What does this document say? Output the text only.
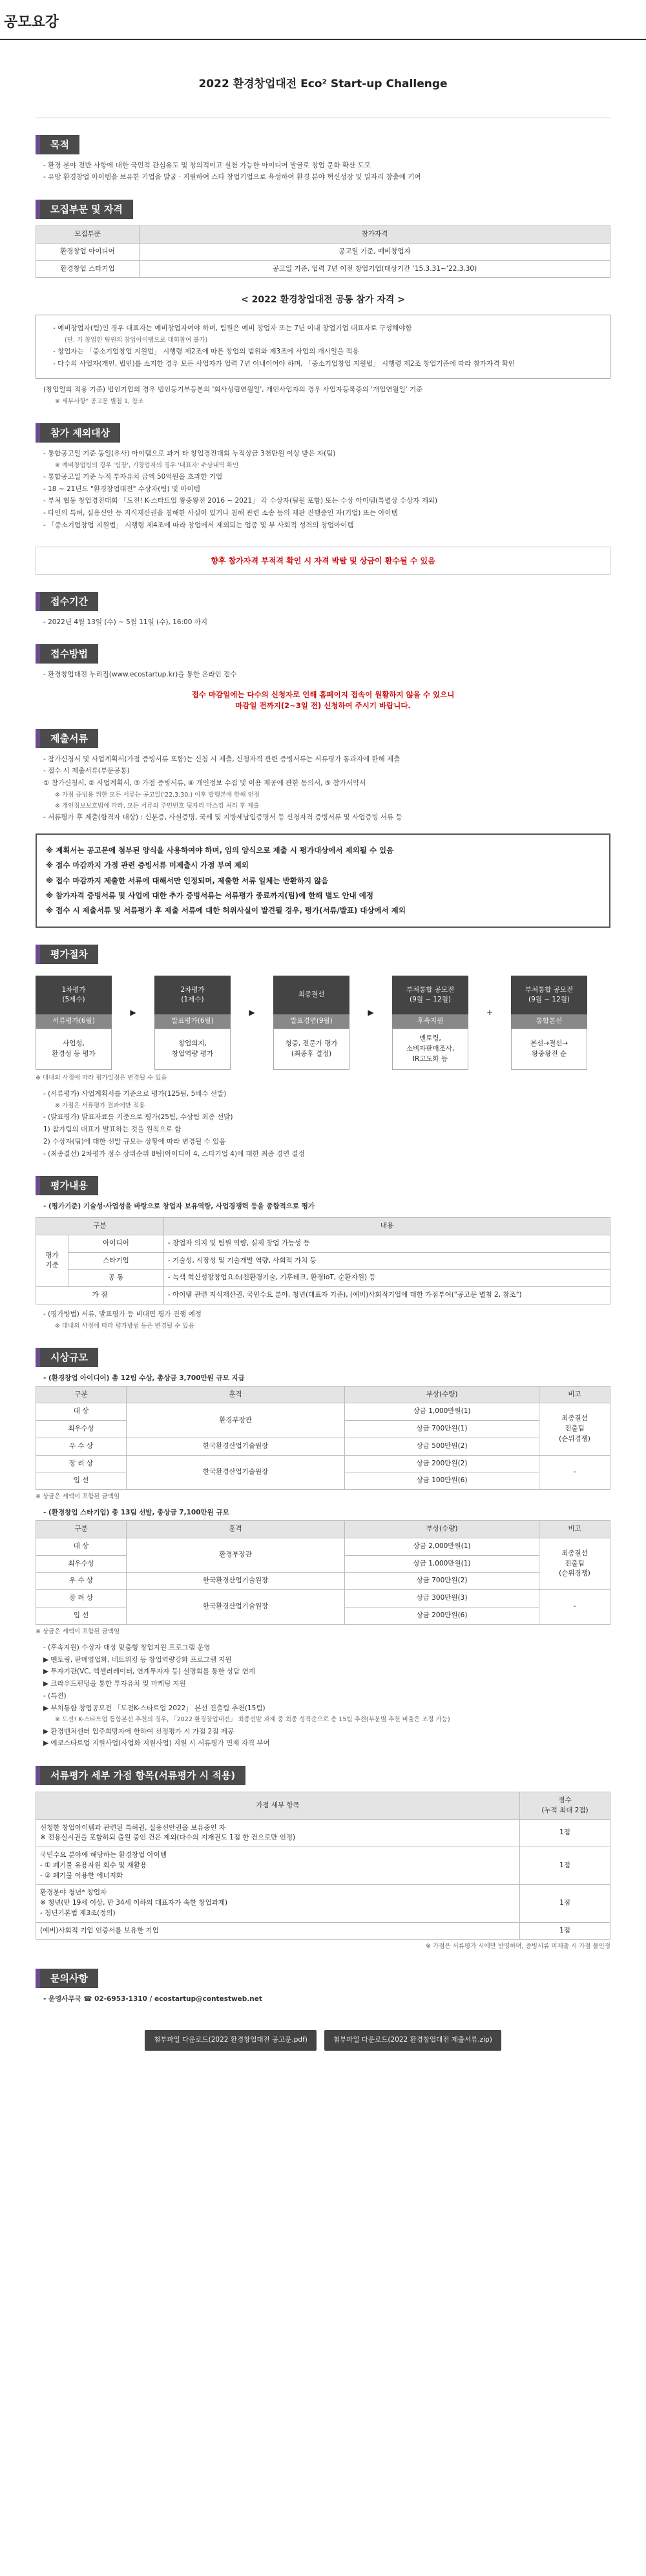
공모요강
2022 환경창업대전 Eco² Start-up Challenge
목적
- 환경 분야 전반 사항에 대한 국민적 관심유도 및 창의적이고 실천 가능한 아이디어 발굴로 창업 문화 확산 도모
- 유망 환경창업 아이템을 보유한 기업을 발굴 · 지원하여 스타 창업기업으로 육성하여 환경 분야 혁신성장 및 일자리 창출에 기여
모집부문 및 자격
모집부문	참가자격
환경창업 아이디어	공고일 기준, 예비창업자
환경창업 스타기업	공고일 기준, 업력 7년 이전 창업기업(대상기간 ’15.3.31~’22.3.30)
< 2022 환경창업대전 공통 참가 자격 >
- 예비창업자(팀)인 경우 대표자는 예비창업자여야 하며, 팀원은 예비 창업자 또는 7년 이내 창업기업 대표자로 구성해야함
(단, 기 창업한 팀원의 창업아이템으로 대회참여 불가)
- 창업자는 「중소기업창업 지원법」 시행령 제2조에 따른 창업의 범위와 제3조에 사업의 개시일을 적용
- 다수의 사업자(개인, 법인)를 소지한 경우 모든 사업자가 업력 7년 이내이어야 하며, 「중소기업창업 지원법」 시행령 제2조 창업기준에 따라 참가자격 확인
(창업일의 적용 기준) 법인기업의 경우 법인등기부등본의 '회사성립연월일', 개인사업자의 경우 사업자등록증의 '개업연월일' 기준
※ 세부사항" 공고문 별첨 1, 참조
참가 제외대상
- 통합공고일 기준 동일(유사) 아이템으로 과거 타 창업경진대회 누적상금 3천만원 이상 받은 자(팀)
※ 예비창업팀의 경우 '팀장', 기창업자의 경우 '대표자' 수상내역 확인
- 통합공고일 기준 누적 투자유치 금액 50억원을 초과한 기업
- 18 ~ 21년도 "환경창업대전" 수상자(팀) 및 아이템
- 부처 협동 창업경진대회 「도전! K-스타트업 왕중왕전 2016 ~ 2021」 각 수상자(팀원 포함) 또는 수상 아이템(특별상 수상자 제외)
- 타인의 특허, 실용신안 등 지식재산권을 침해한 사실이 있거나 침해 관련 소송 등의 재판 진행중인 자(기업) 또는 아이템
- 「중소기업창업 지원법」 시행령 제4조에 따라 창업에서 제외되는 업종 및 부 사회적 성격의 창업아이템
향후 참가자격 부적격 확인 시 자격 박탈 및 상금이 환수될 수 있음
접수기간
- 2022년 4월 13일 (수) ~ 5월 11일 (수), 16:00 까지
접수방법
- 환경창업대전 누리집(www.ecostartup.kr)을 통한 온라인 접수
접수 마감일에는 다수의 신청자로 인해 홈페이지 접속이 원활하지 않을 수 있으니
마감일 전까지(2~3일 전) 신청하여 주시기 바랍니다.
제출서류
- 참가신청서 및 사업계획서(가점 증빙서류 포함)는 신청 시 제출, 신청자격 관련 증빙서류는 서류평가 통과자에 한해 제출
- 접수 시 제출서류(부문공통)
① 참가신청서, ② 사업계획서, ③ 가점 증빙서류, ④ 개인정보 수집 및 이용 제공에 관한 동의서, ⑤ 참가서약서
※ 가점 증빙용 위한 모든 서류는 공고일('22.3.30.) 이후 발행본에 한해 인정
※ 개인정보보호법에 따라, 모든 서류의 주민번호 뒷자리 마스킹 처리 후 제출
- 서류평가 후 제출(합격자 대상) : 신분증, 사실증명, 국세 및 지방세납입증명서 등 신청자격 증빙서류 및 사업증빙 서류 등
※ 계획서는 공고문에 첨부된 양식을 사용하여야 하며, 임의 양식으로 제출 시 평가대상에서 제외될 수 있음
※ 접수 마감까지 가점 관련 증빙서류 미제출시 가점 부여 제외
※ 접수 마감까지 제출한 서류에 대해서만 인정되며, 제출한 서류 일체는 반환하지 않음
※ 참가자격 증빙서류 및 사업에 대한 추가 증빙서류는 서류평가 종료까지(팀)에 한해 별도 안내 예정
※ 접수 시 제출서류 및 서류평가 후 제출 서류에 대한 허위사실이 발견될 경우, 평가(서류/발표) 대상에서 제외
평가절차
1차평가
(5제수)
서류평가(6월)
사업성,
환경성 등 평가
▶
2차평가
(1제수)
발표평가(6월)
창업의지,
창업역량 평가
▶
최종결선
발표경연(9월)
청중, 전문가 평가
(최종후 결정)
▶
부처통합 공모전
(9월 ~ 12월)
후속지원
멘토링,
소비자판매조사,
IR고도화 등
+
부처통합 공모전
(9월 ~ 12월)
통합본선
본선→결선→
왕중왕전 순
※ 대내외 사정에 따라 평가일정은 변경될 수 있음
- (서류평가) 사업계획서를 기준으로 평가(125팀, 5배수 선발)
※ 가점은 서류평가 결과에만 적용
- (발표평가) 발표자료를 기준으로 평가(25팀, 수상팀 최종 선발)
1) 참가팀의 대표가 발표하는 것을 원칙으로 함
2) 수상자(팀)에 대한 선발 규모는 상황에 따라 변경될 수 있음
- (최종결선) 2차평가 점수 상위순위 8팀(아이디어 4, 스타기업 4)에 대한 최종 경연 결정
평가내용
- (평가기준) 기술성·사업성을 바탕으로 창업자 보유역량, 사업경쟁력 등을 종합적으로 평가
구분		내용
평가
기준	아이디어	- 창업자 의지 및 팀원 역량, 실제 창업 가능성 등
	스타기업	- 기술성, 시장성 및 기술개발 역량, 사회적 가치 등
	공 통	- 녹색 혁신성장창업요소(친환경기술, 기후테크, 환경IoT, 순환자원) 등
가 점		- 아이템 관련 지식재산권, 국민수요 분야, 청년(대표자 기준), (예비)사회적기업에 대한 가점부여("공고문 별첨 2, 참조")
- (평가방법) 서류, 발표평가 등 비대면 평가 진행 예정
※ 대내외 사정에 따라 평가방법 등은 변경될 수 있음
시상규모
- (환경창업 아이디어) 총 12팀 수상, 총상금 3,700만원 규모 지급
구분	훈격	부상(수량)	비고
대 상	환경부장관	상금 1,000만원(1)	최종결선
진출팀
(순위경쟁)
최우수상		상금 700만원(1)	
우 수 상	한국환경산업기술원장	상금 500만원(2)	
장 려 상	한국환경산업기술원장	상금 200만원(2)	-
입 선		상금 100만원(6)	
※ 상금은 세액이 포함된 금액임
- (환경창업 스타기업) 총 13팀 선발, 총상금 7,100만원 규모
구분	훈격	부상(수량)	비고
대 상	환경부장관	상금 2,000만원(1)	최종결선
진출팀
(순위경쟁)
최우수상		상금 1,000만원(1)	
우 수 상	한국환경산업기술원장	상금 700만원(2)	
장 려 상	한국환경산업기술원장	상금 300만원(3)	-
입 선		상금 200만원(6)	
※ 상금은 세액이 포함된 금액임
- (후속지원) 수상자 대상 맞춤형 창업지원 프로그램 운영
▶ 멘토링, 판매영업화, 네트워킹 등 창업역량강화 프로그램 지원
▶ 투자기관(VC, 엑셀러레이터, 연계투자자 등) 설명회를 통한 상담 연계
▶ 크라우드펀딩을 통한 투자유치 및 마케팅 지원
- (특전)
▶ 부처통합 창업공모전 「도전K-스타트업 2022」 본선 진출팀 추천(15팀)
※ 도전! K-스타트업 통합본선 추천의 경우, 「2022 환경창업대전」 최종선발 과제 중 최종 성적순으로 총 15팀 추천(부분별 추천 비율은 조정 가능)
▶ 환경벤처센터 입주희망자에 한하여 선정평가 시 가점 2점 제공
▶ 에코스타트업 지원사업(사업화 지원사업) 지원 시 서류평가 면제 자격 부여
서류평가 세부 가점 항목(서류평가 시 적용)
가점 세부 항목	점수
(누적 최대 2점)
신청한 창업아이템과 관련된 특허권, 실용신안권을 보유중인 자
※ 전용실시권을 포함하되 출원 중인 건은 제외(다수의 지재권도 1점 한 건으로만 인정)	1점
국민수요 분야에 해당하는 환경창업 아이템
- ① 폐기물 유용자원 회수 및 재활용
- ② 폐기물 이용한 에너지화	1점
환경분야 청년* 창업자
※ 청년(만 19세 이상, 만 34세 이하의 대표자가 속한 창업과제)
- 청년기본법 제3조(정의)	1점
(예비)사회적 기업 인증서를 보유한 기업	1점
※ 가점은 서류평가 시에만 반영하며, 증빙서류 미제출 시 가점 불인정
문의사항
- 운영사무국 ☎ 02-6953-1310 / ecostartup@contestweb.net
첨부파일 다운로드(2022 환경창업대전 공고문.pdf)	첨부파일 다운로드(2022 환경창업대전 제출서류.zip)
